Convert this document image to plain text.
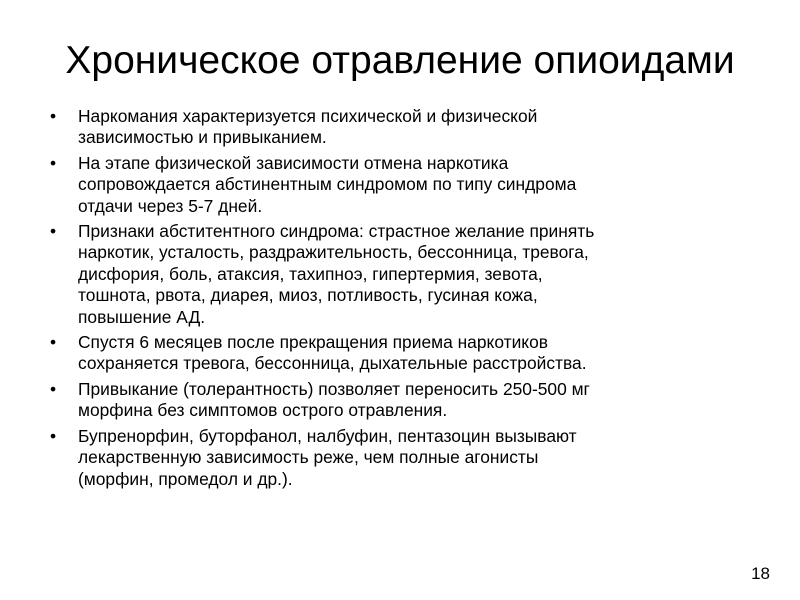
Хроническое отравление опиоидами
•	Наркомания характеризуется психической и физической
зависимостью и привыканием.
•	На этапе физической зависимости отмена наркотика
сопровождается абстинентным синдромом по типу синдрома
отдачи через 5-7 дней.
•	Признаки абститентного синдрома: страстное желание принять
наркотик, усталость, раздражительность, бессонница, тревога,
дисфория, боль, атаксия, тахипноэ, гипертермия, зевота,
тошнота, рвота, диарея, миоз, потливость, гусиная кожа,
повышение АД.
•	Спустя 6 месяцев после прекращения приема наркотиков
сохраняется тревога, бессонница, дыхательные расстройства.
•	Привыкание (толерантность) позволяет переносить 250-500 мг
морфина без симптомов острого отравления.
•	Бупренорфин, буторфанол, налбуфин, пентазоцин вызывают
лекарственную зависимость реже, чем полные агонисты
(морфин, промедол и др.).
18
